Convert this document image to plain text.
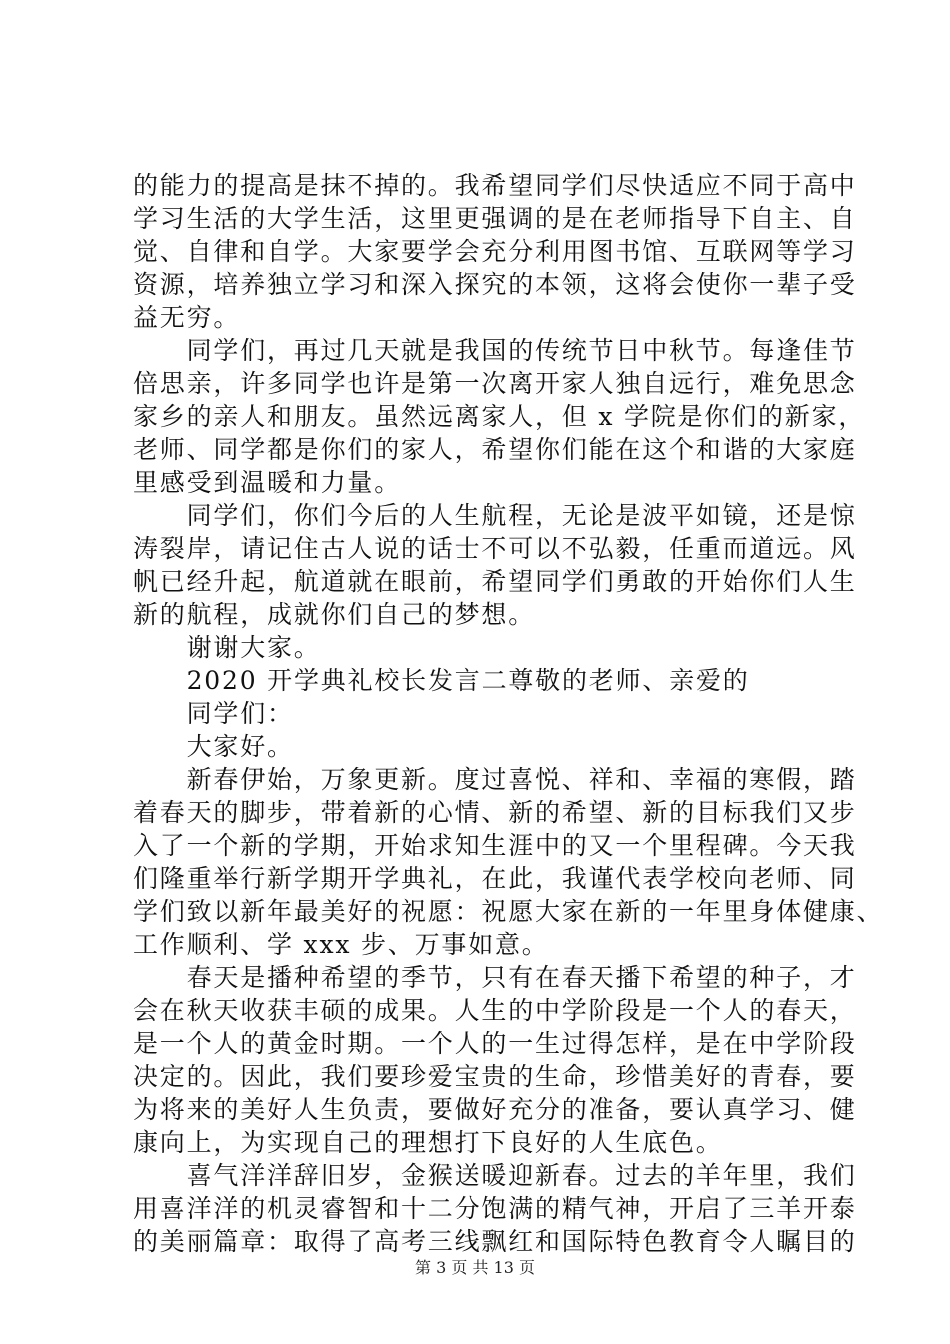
的能力的提高是抹不掉的。我希望同学们尽快适应不同于高中
学习生活的大学生活，这里更强调的是在老师指导下自主、自
觉、自律和自学。大家要学会充分利用图书馆、互联网等学习
资源，培养独立学习和深入探究的本领，这将会使你一辈子受
益无穷。
　　同学们，再过几天就是我国的传统节日中秋节。每逢佳节
倍思亲，许多同学也许是第一次离开家人独自远行，难免思念
家乡的亲人和朋友。虽然远离家人，但 x 学院是你们的新家，
老师、同学都是你们的家人，希望你们能在这个和谐的大家庭
里感受到温暖和力量。
　　同学们，你们今后的人生航程，无论是波平如镜，还是惊
涛裂岸，请记住古人说的话士不可以不弘毅，任重而道远。风
帆已经升起，航道就在眼前，希望同学们勇敢的开始你们人生
新的航程，成就你们自己的梦想。
　　谢谢大家。
　　2020 开学典礼校长发言二尊敬的老师、亲爱的
　　同学们：
　　大家好。
　　新春伊始，万象更新。度过喜悦、祥和、幸福的寒假，踏
着春天的脚步，带着新的心情、新的希望、新的目标我们又步
入了一个新的学期，开始求知生涯中的又一个里程碑。今天我
们隆重举行新学期开学典礼，在此，我谨代表学校向老师、同
学们致以新年最美好的祝愿：祝愿大家在新的一年里身体健康、
工作顺利、学 xxx 步、万事如意。
　　春天是播种希望的季节，只有在春天播下希望的种子，才
会在秋天收获丰硕的成果。人生的中学阶段是一个人的春天，
是一个人的黄金时期。一个人的一生过得怎样，是在中学阶段
决定的。因此，我们要珍爱宝贵的生命，珍惜美好的青春，要
为将来的美好人生负责，要做好充分的准备，要认真学习、健
康向上，为实现自己的理想打下良好的人生底色。
　　喜气洋洋辞旧岁，金猴送暖迎新春。过去的羊年里，我们
用喜洋洋的机灵睿智和十二分饱满的精气神，开启了三羊开泰
的美丽篇章：取得了高考三线飘红和国际特色教育令人瞩目的
第 3 页 共 13 页
